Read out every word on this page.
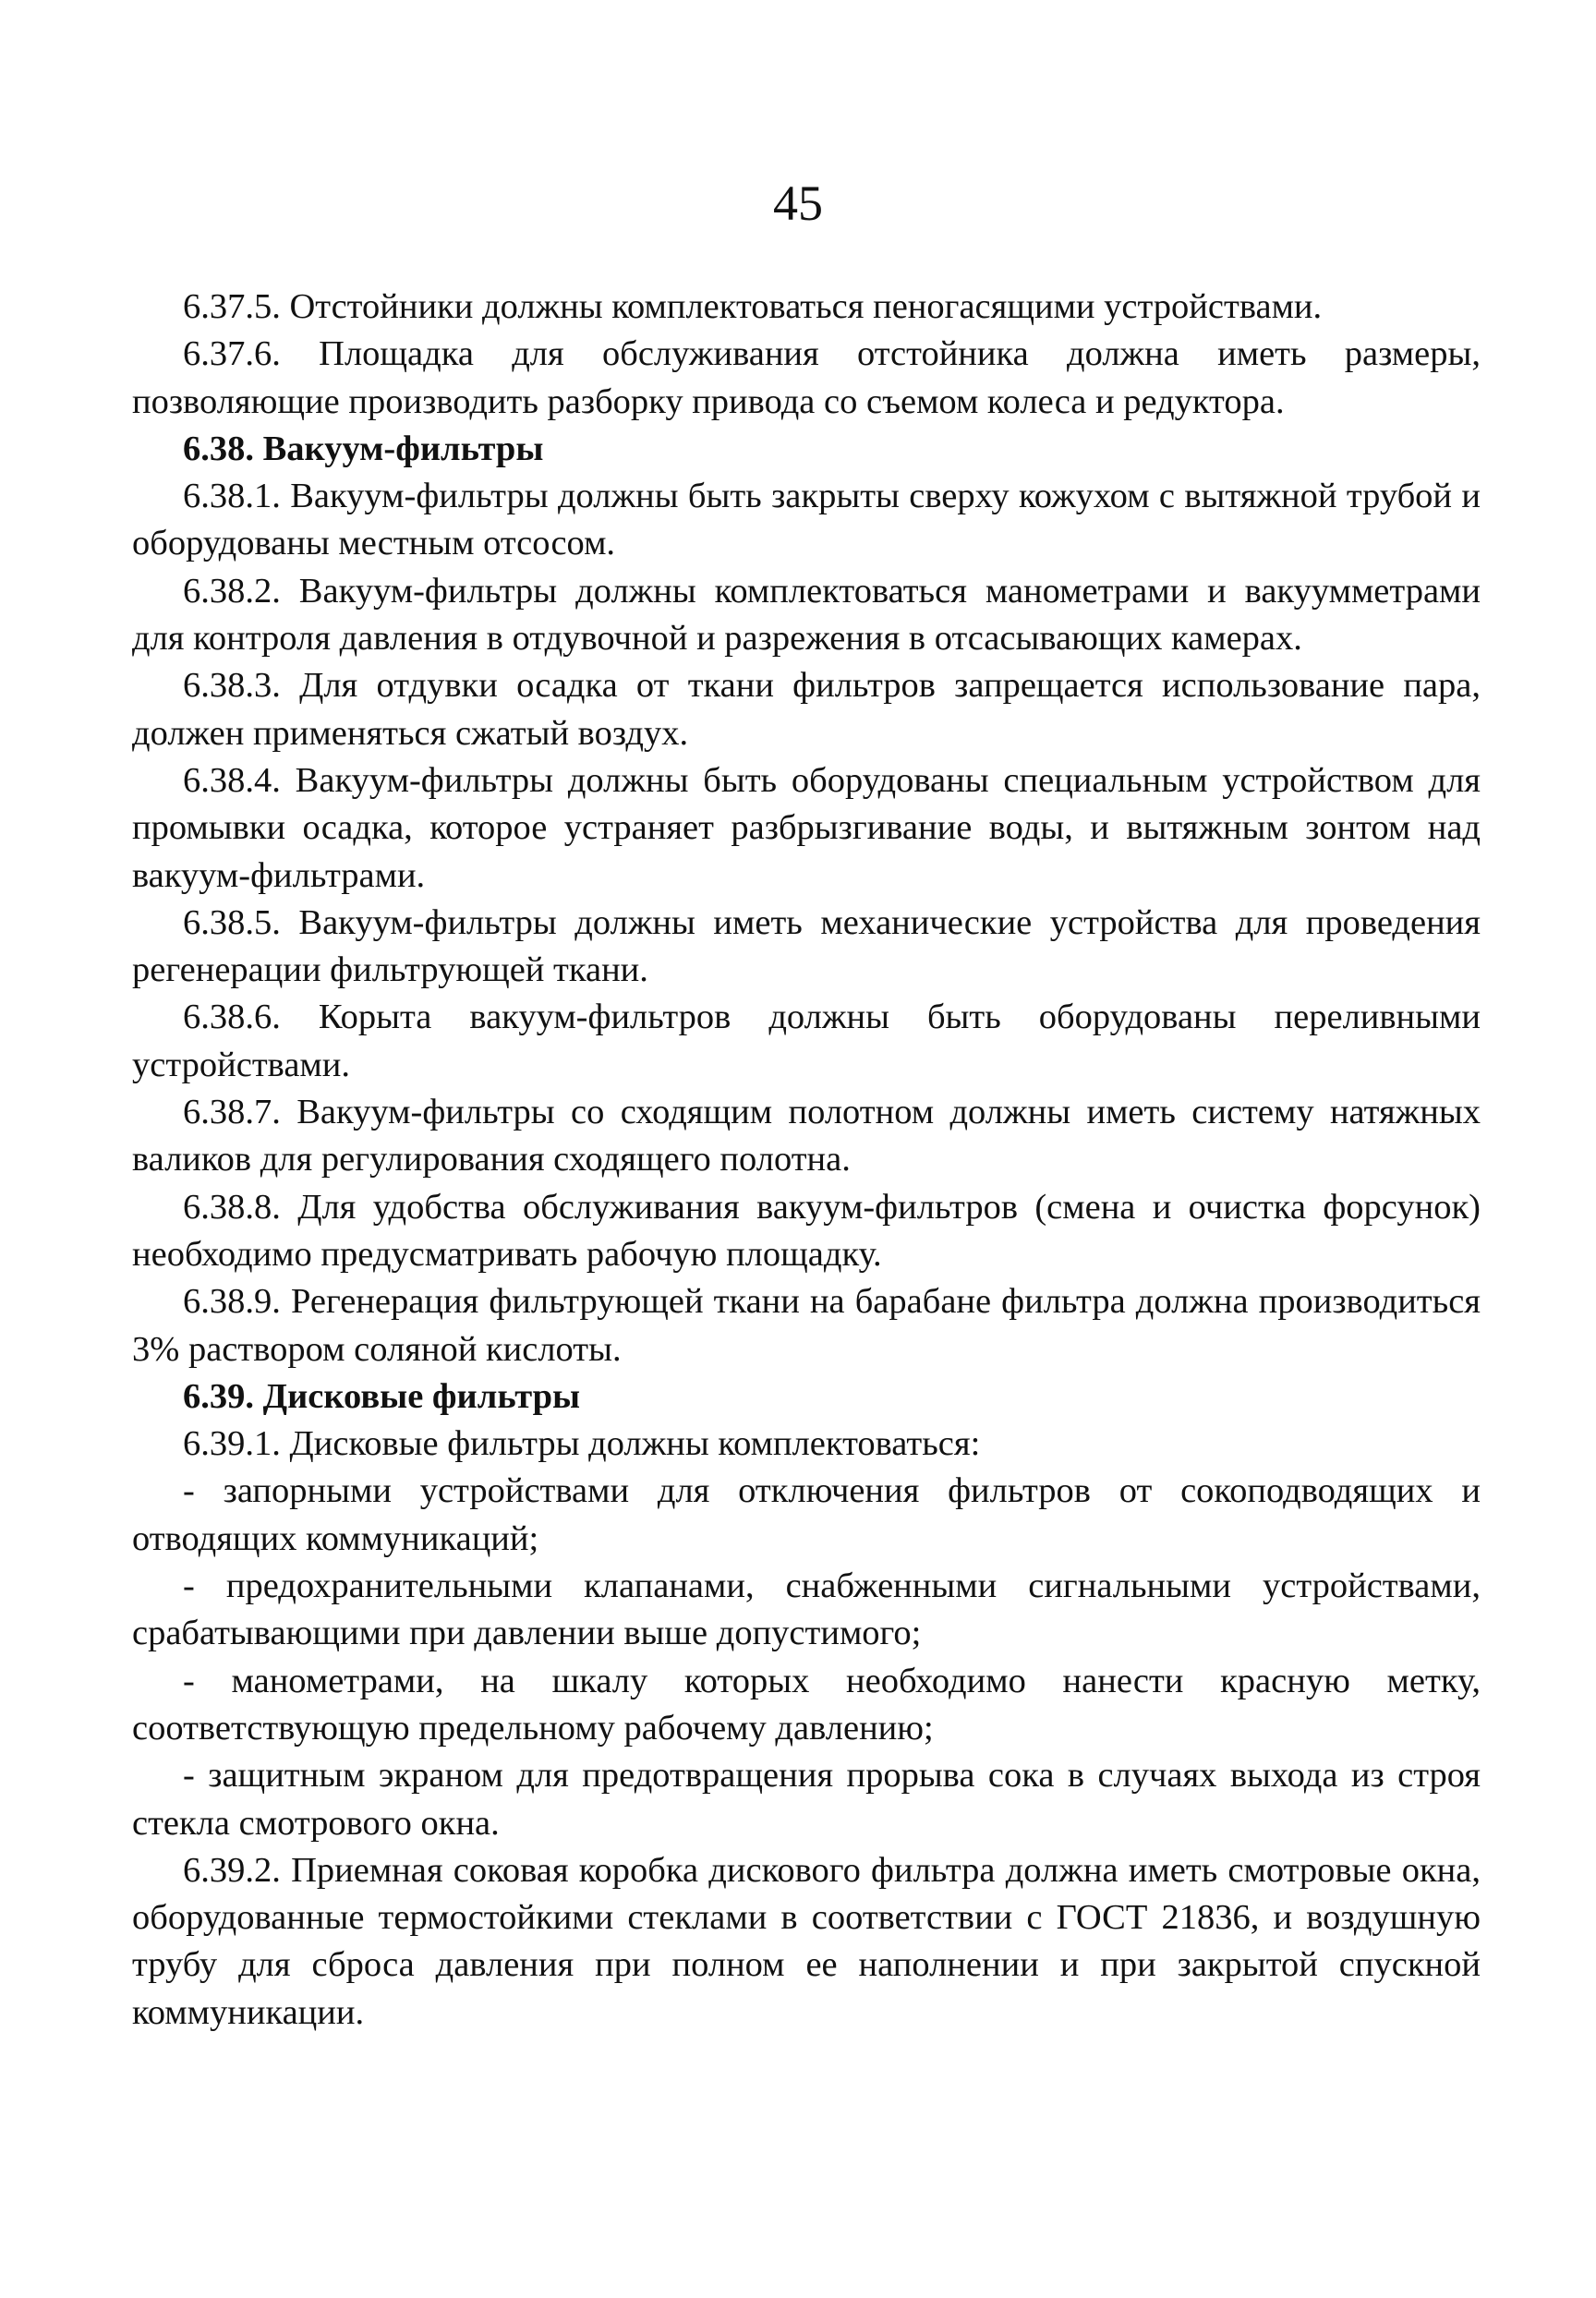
45

6.37.5. Отстойники должны комплектоваться пеногасящими устройствами.

6.37.6. Площадка для обслуживания отстойника должна иметь размеры, позволяющие производить разборку привода со съемом колеса и редуктора.

6.38. Вакуум-фильтры

6.38.1. Вакуум-фильтры должны быть закрыты сверху кожухом с вытяжной трубой и оборудованы местным отсосом.

6.38.2. Вакуум-фильтры должны комплектоваться манометрами и вакуумметрами для контроля давления в отдувочной и разрежения в отсасывающих камерах.

6.38.3. Для отдувки осадка от ткани фильтров запрещается использование пара, должен применяться сжатый воздух.

6.38.4. Вакуум-фильтры должны быть оборудованы специальным устройством для промывки осадка, которое устраняет разбрызгивание воды, и вытяжным зонтом над вакуум-фильтрами.

6.38.5. Вакуум-фильтры должны иметь механические устройства для проведения регенерации фильтрующей ткани.

6.38.6. Корыта вакуум-фильтров должны быть оборудованы переливными устройствами.

6.38.7. Вакуум-фильтры со сходящим полотном должны иметь систему натяжных валиков для регулирования сходящего полотна.

6.38.8. Для удобства обслуживания вакуум-фильтров (смена и очистка форсунок) необходимо предусматривать рабочую площадку.

6.38.9. Регенерация фильтрующей ткани на барабане фильтра должна производиться 3% раствором соляной кислоты.

6.39. Дисковые фильтры

6.39.1. Дисковые фильтры должны комплектоваться:

- запорными устройствами для отключения фильтров от сокоподводящих и отводящих коммуникаций;

- предохранительными клапанами, снабженными сигнальными устройствами, срабатывающими при давлении выше допустимого;

- манометрами, на шкалу которых необходимо нанести красную метку, соответствующую предельному рабочему давлению;

- защитным экраном для предотвращения прорыва сока в случаях выхода из строя стекла смотрового окна.

6.39.2. Приемная соковая коробка дискового фильтра должна иметь смотровые окна, оборудованные термостойкими стеклами в соответствии с ГОСТ 21836, и воздушную трубу для сброса давления при полном ее наполнении и при закрытой спускной коммуникации.
